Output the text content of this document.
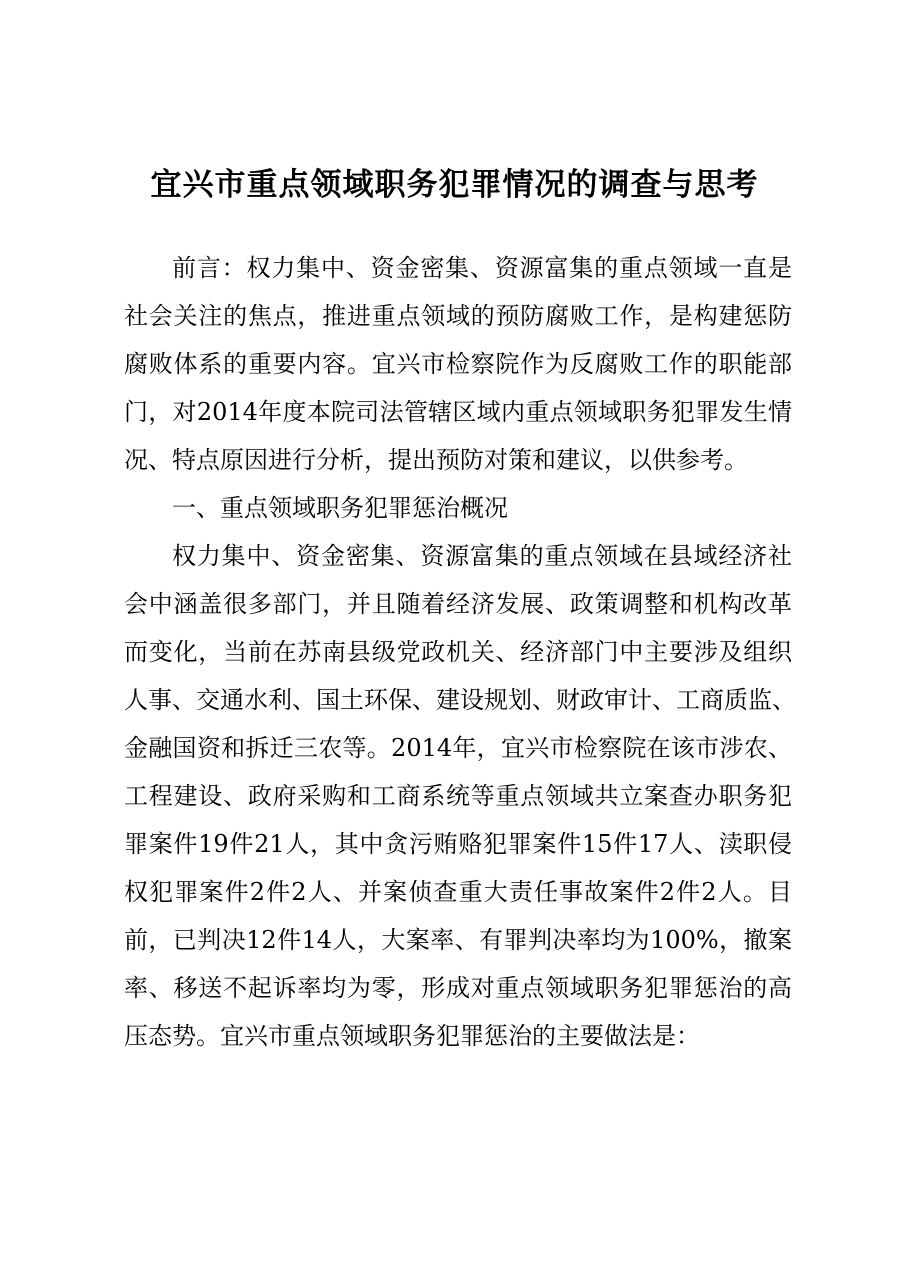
宜兴市重点领域职务犯罪情况的调查与思考

前言：权力集中、资金密集、资源富集的重点领域一直是

社会关注的焦点，推进重点领域的预防腐败工作，是构建惩防

腐败体系的重要内容。宜兴市检察院作为反腐败工作的职能部

门，对2014年度本院司法管辖区域内重点领域职务犯罪发生情

况、特点原因进行分析，提出预防对策和建议，以供参考。

一、重点领域职务犯罪惩治概况

权力集中、资金密集、资源富集的重点领域在县域经济社

会中涵盖很多部门，并且随着经济发展、政策调整和机构改革

而变化，当前在苏南县级党政机关、经济部门中主要涉及组织

人事、交通水利、国土环保、建设规划、财政审计、工商质监、

金融国资和拆迁三农等。2014年，宜兴市检察院在该市涉农、

工程建设、政府采购和工商系统等重点领域共立案查办职务犯

罪案件19件21人，其中贪污贿赂犯罪案件15件17人、渎职侵

权犯罪案件2件2人、并案侦查重大责任事故案件2件2人。目

前，已判决12件14人，大案率、有罪判决率均为100%，撤案

率、移送不起诉率均为零，形成对重点领域职务犯罪惩治的高

压态势。宜兴市重点领域职务犯罪惩治的主要做法是：
